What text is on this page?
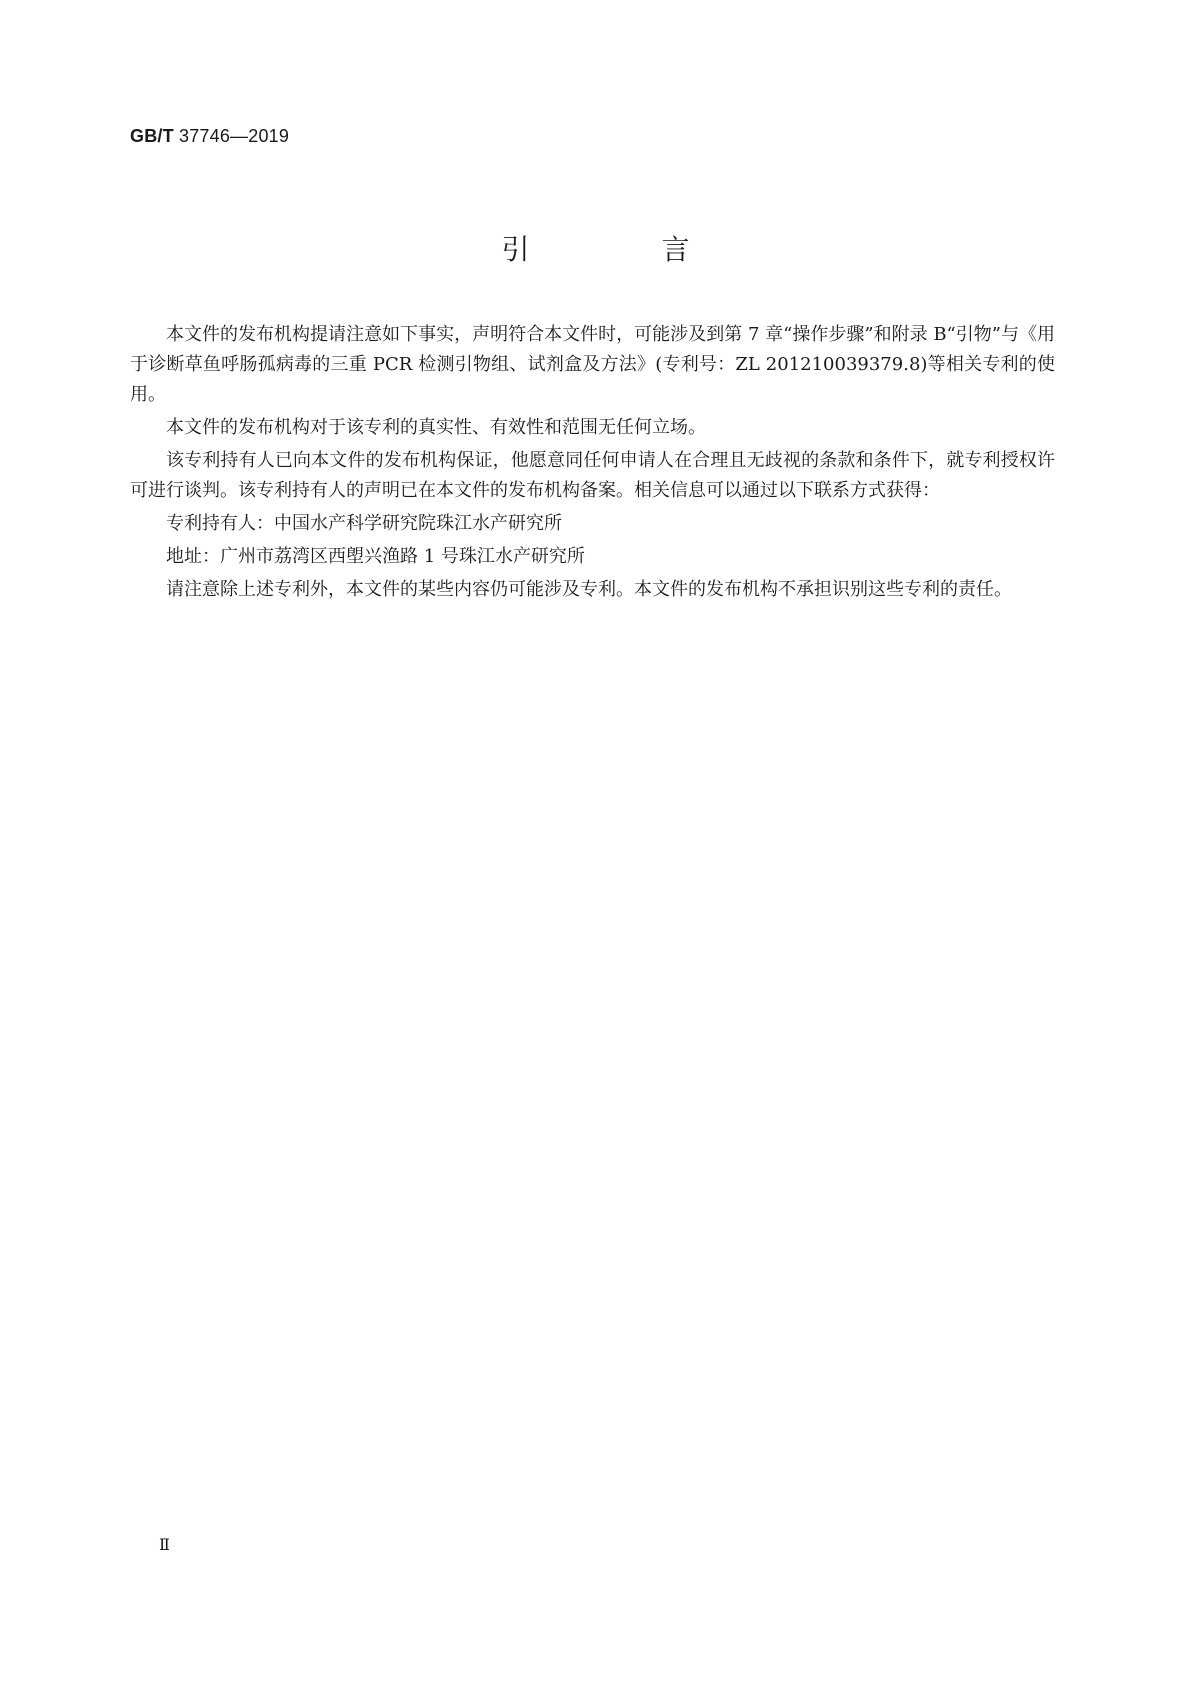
GB/T 37746—2019
引　言

本文件的发布机构提请注意如下事实，声明符合本文件时，可能涉及到第 7 章“操作步骤”和附录 B“引物”与《用于诊断草鱼呼肠孤病毒的三重 PCR 检测引物组、试剂盒及方法》(专利号：ZL 201210039379.8)等相关专利的使用。

本文件的发布机构对于该专利的真实性、有效性和范围无任何立场。

该专利持有人已向本文件的发布机构保证，他愿意同任何申请人在合理且无歧视的条款和条件下，就专利授权许可进行谈判。该专利持有人的声明已在本文件的发布机构备案。相关信息可以通过以下联系方式获得：

专利持有人：中国水产科学研究院珠江水产研究所

地址：广州市荔湾区西塱兴渔路 1 号珠江水产研究所

请注意除上述专利外，本文件的某些内容仍可能涉及专利。本文件的发布机构不承担识别这些专利的责任。

Ⅱ
